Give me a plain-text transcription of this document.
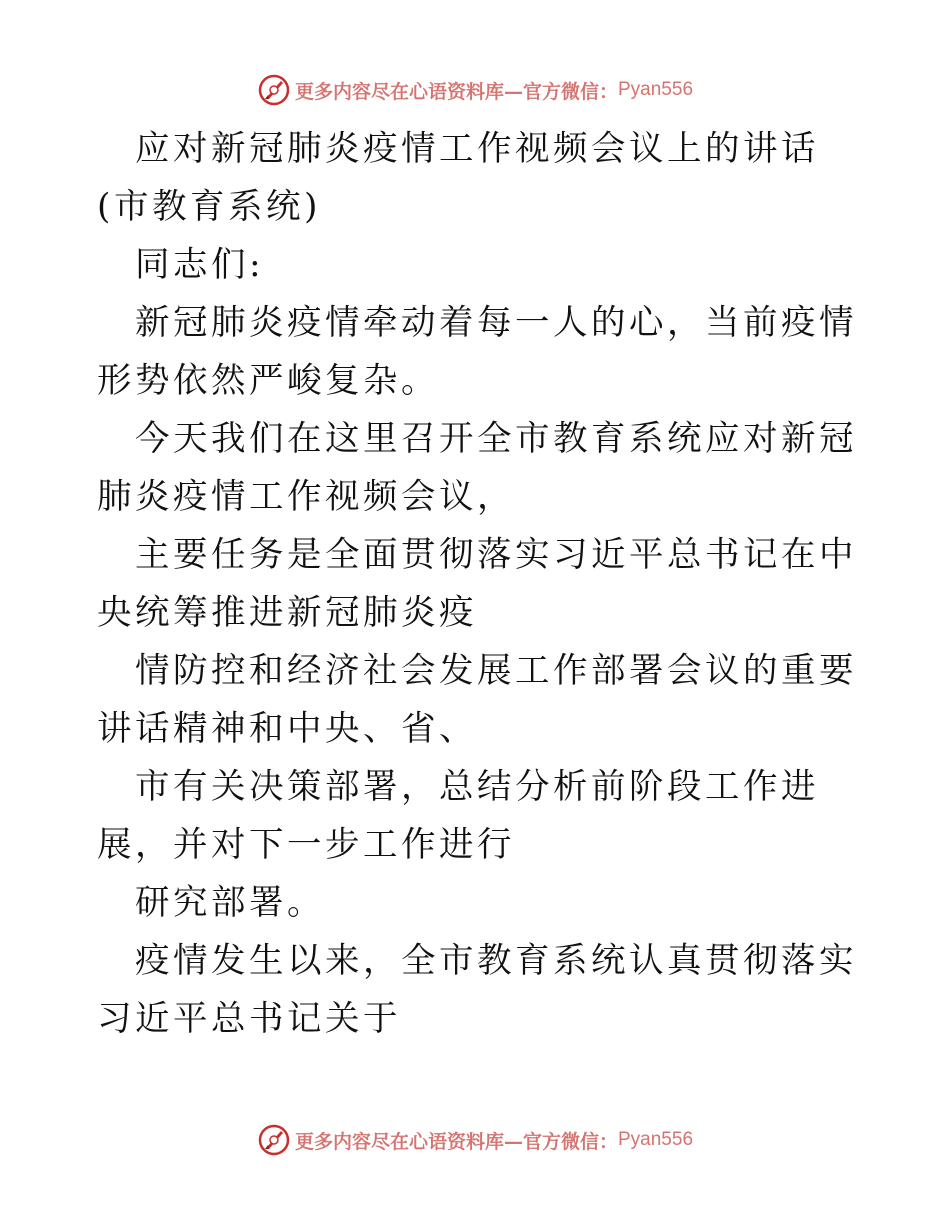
更多内容尽在心语资料库—官方微信： Pyan556

应对新冠肺炎疫情工作视频会议上的讲话(市教育系统)

同志们:

新冠肺炎疫情牵动着每一人的心，当前疫情形势依然严峻复杂。

今天我们在这里召开全市教育系统应对新冠肺炎疫情工作视频会议，

主要任务是全面贯彻落实习近平总书记在中央统筹推进新冠肺炎疫

情防控和经济社会发展工作部署会议的重要讲话精神和中央、省、

市有关决策部署，总结分析前阶段工作进展，并对下一步工作进行

研究部署。

疫情发生以来，全市教育系统认真贯彻落实习近平总书记关于

更多内容尽在心语资料库—官方微信： Pyan556
